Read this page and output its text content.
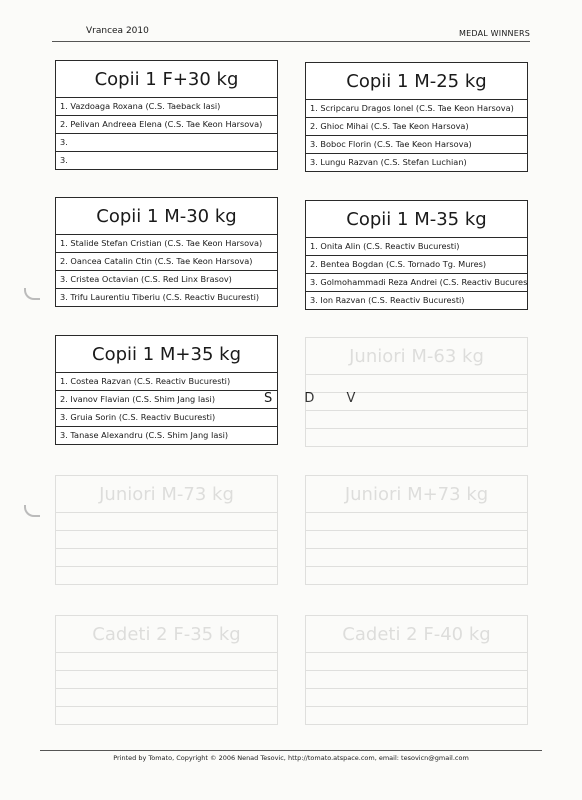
Vrancea 2010	MEDAL WINNERS
Copii 1 F+30 kg
1. Vazdoaga Roxana (C.S. Taeback Iasi)
2. Pelivan Andreea Elena (C.S. Tae Keon Harsova)
3.
3.
Copii 1 M-25 kg
1. Scripcaru Dragos Ionel (C.S. Tae Keon Harsova)
2. Ghioc Mihai (C.S. Tae Keon Harsova)
3. Boboc Florin (C.S. Tae Keon Harsova)
3. Lungu Razvan (C.S. Stefan Luchian)
Copii 1 M-30 kg
1. Stalide Stefan Cristian (C.S. Tae Keon Harsova)
2. Oancea Catalin Ctin (C.S. Tae Keon Harsova)
3. Cristea Octavian (C.S. Red Linx Brasov)
3. Trifu Laurentiu Tiberiu (C.S. Reactiv Bucuresti)
Copii 1 M-35 kg
1. Onita Alin (C.S. Reactiv Bucuresti)
2. Bentea Bogdan (C.S. Tornado Tg. Mures)
3. Golmohammadi Reza Andrei (C.S. Reactiv Bucures
3. Ion Razvan (C.S. Reactiv Bucuresti)
Copii 1 M+35 kg
1. Costea Razvan (C.S. Reactiv Bucuresti)
2. Ivanov Flavian (C.S. Shim Jang Iasi)
3. Gruia Sorin (C.S. Reactiv Bucuresti)
3. Tanase Alexandru (C.S. Shim Jang Iasi)
S D V
Juniori M-63 kg
Juniori M-73 kg	Juniori M+73 kg
Cadeti 2 F-35 kg	Cadeti 2 F-40 kg
Printed by Tomato, Copyright © 2006 Nenad Tesovic, http://tomato.atspace.com, email: tesovicn@gmail.com
